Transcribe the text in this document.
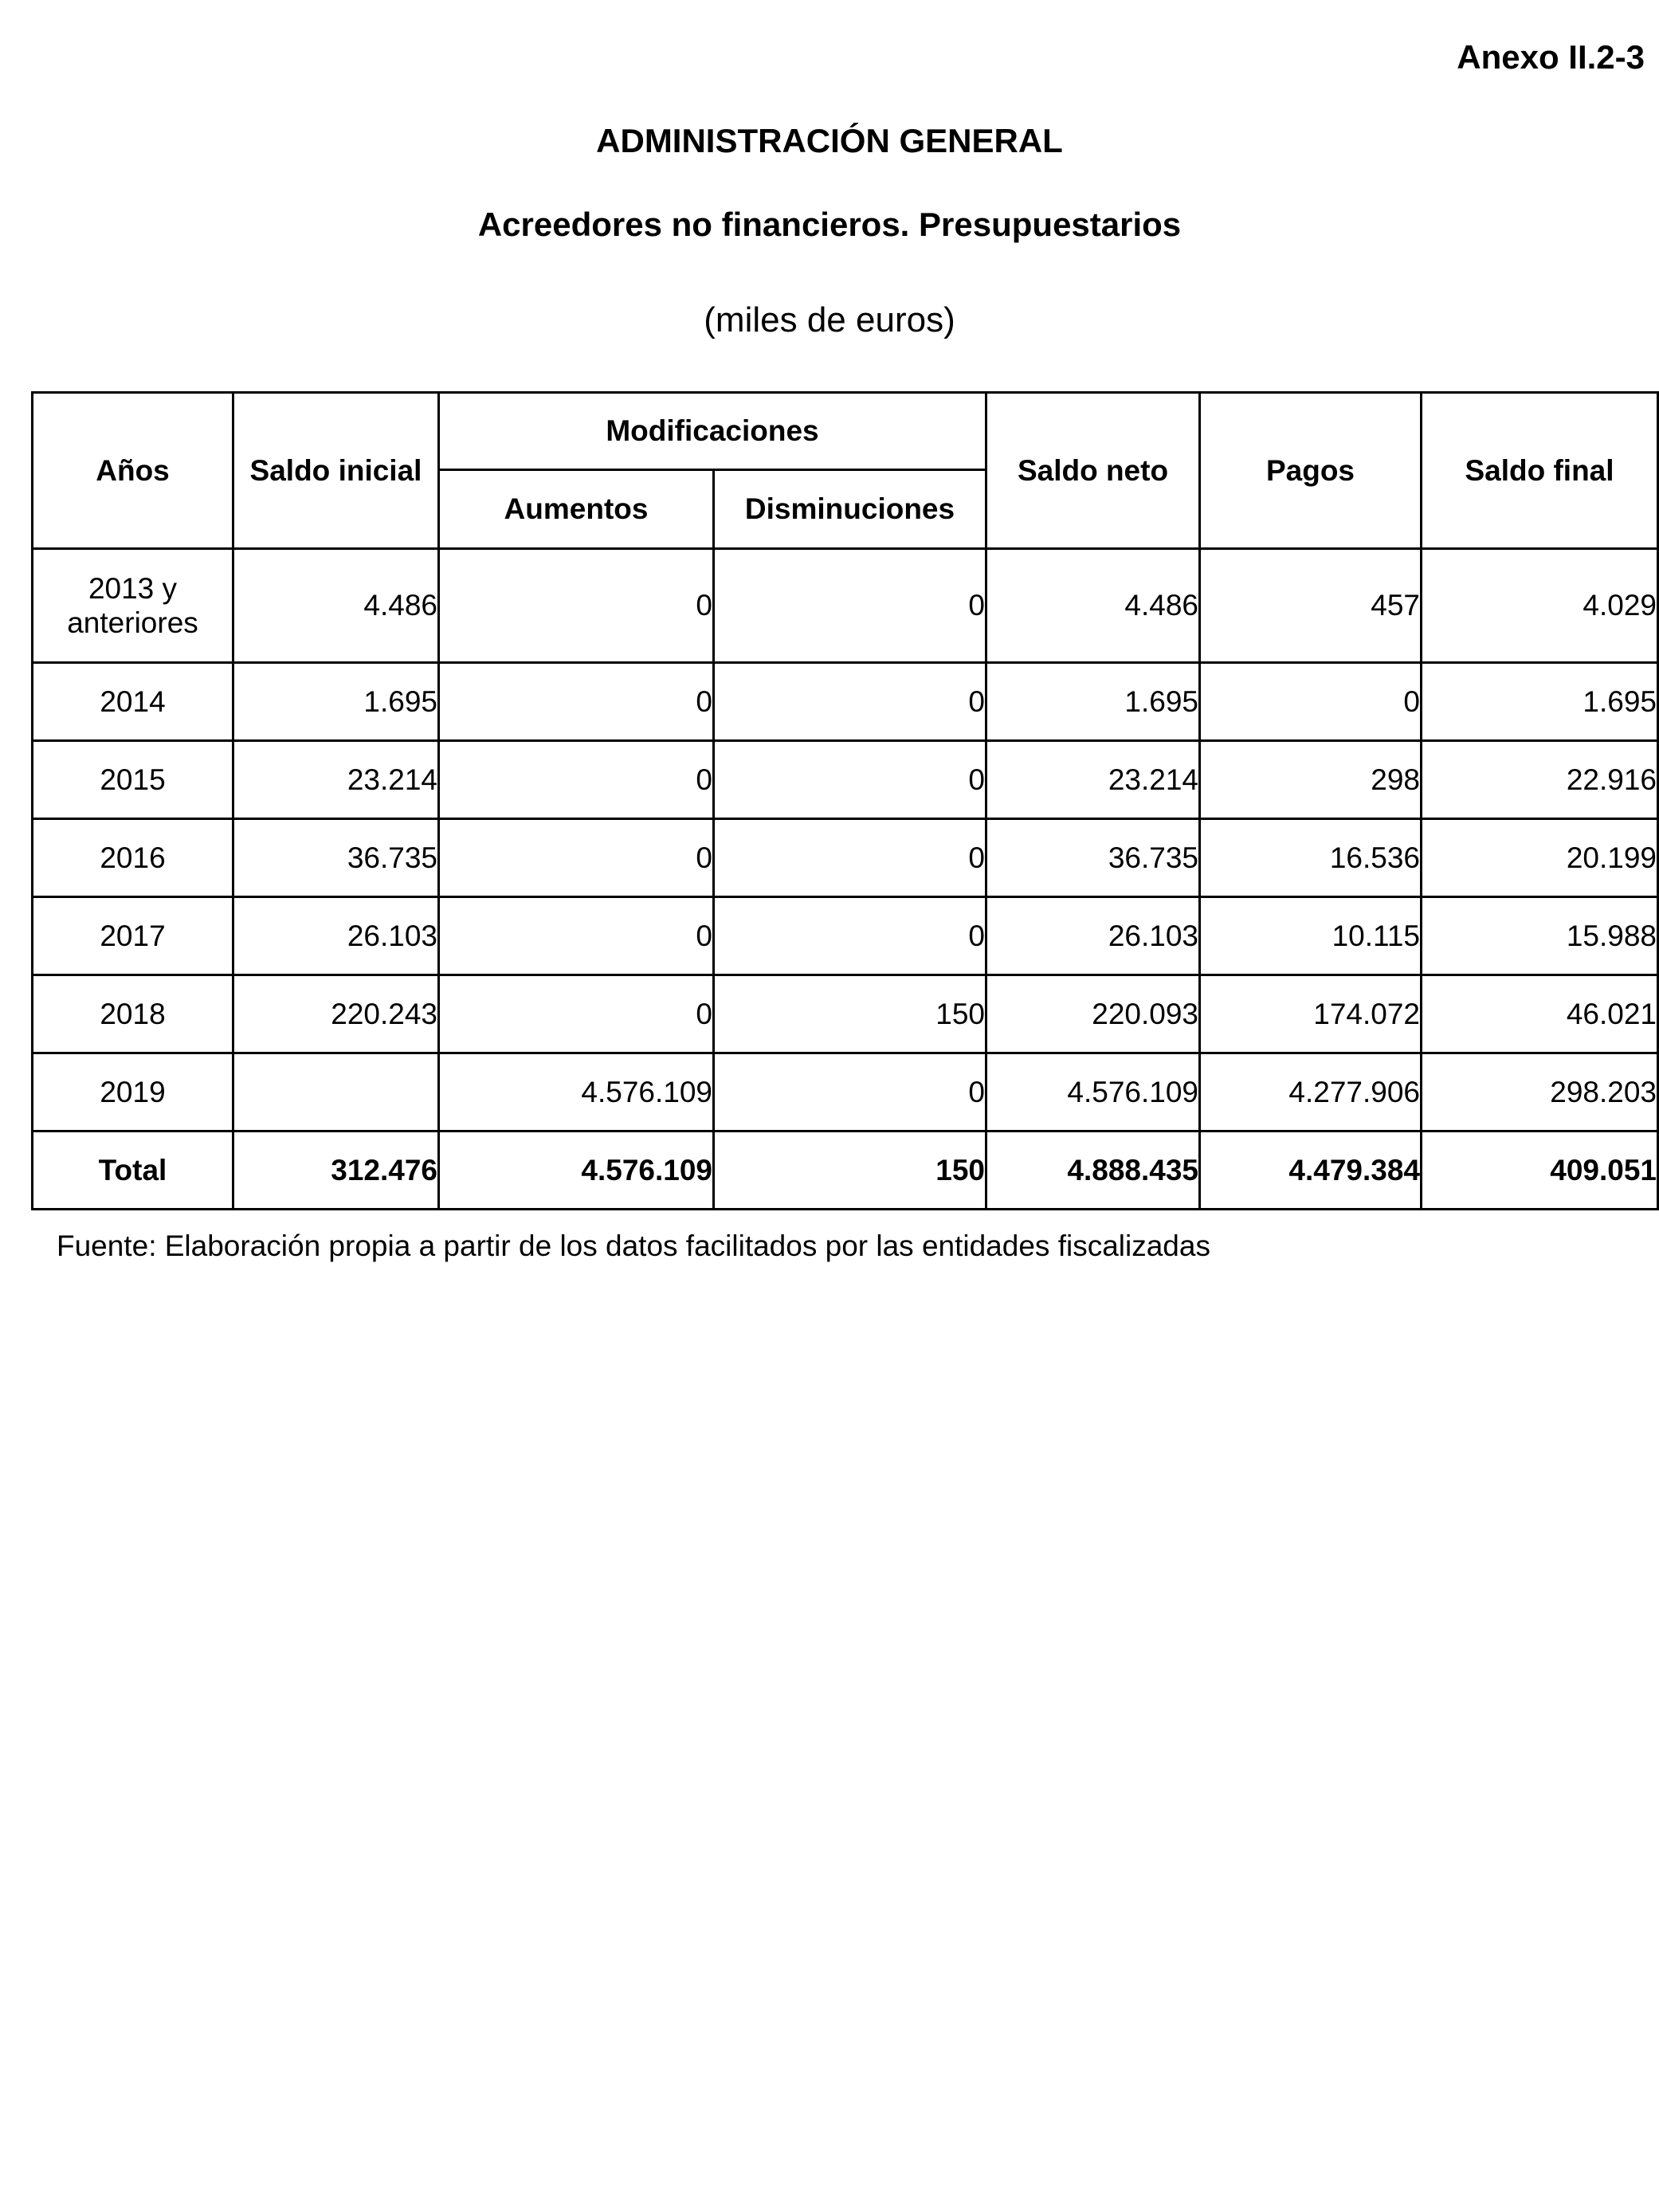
Anexo II.2-3
ADMINISTRACIÓN GENERAL
Acreedores no financieros. Presupuestarios
(miles de euros)
Años	Saldo inicial	Modificaciones		Saldo neto	Pagos	Saldo final
		Aumentos	Disminuciones			
2013 y
anteriores	4.486	0	0	4.486	457	4.029
2014	1.695	0	0	1.695	0	1.695
2015	23.214	0	0	23.214	298	22.916
2016	36.735	0	0	36.735	16.536	20.199
2017	26.103	0	0	26.103	10.115	15.988
2018	220.243	0	150	220.093	174.072	46.021
2019		4.576.109	0	4.576.109	4.277.906	298.203
Total	312.476	4.576.109	150	4.888.435	4.479.384	409.051
Fuente: Elaboración propia a partir de los datos facilitados por las entidades fiscalizadas
